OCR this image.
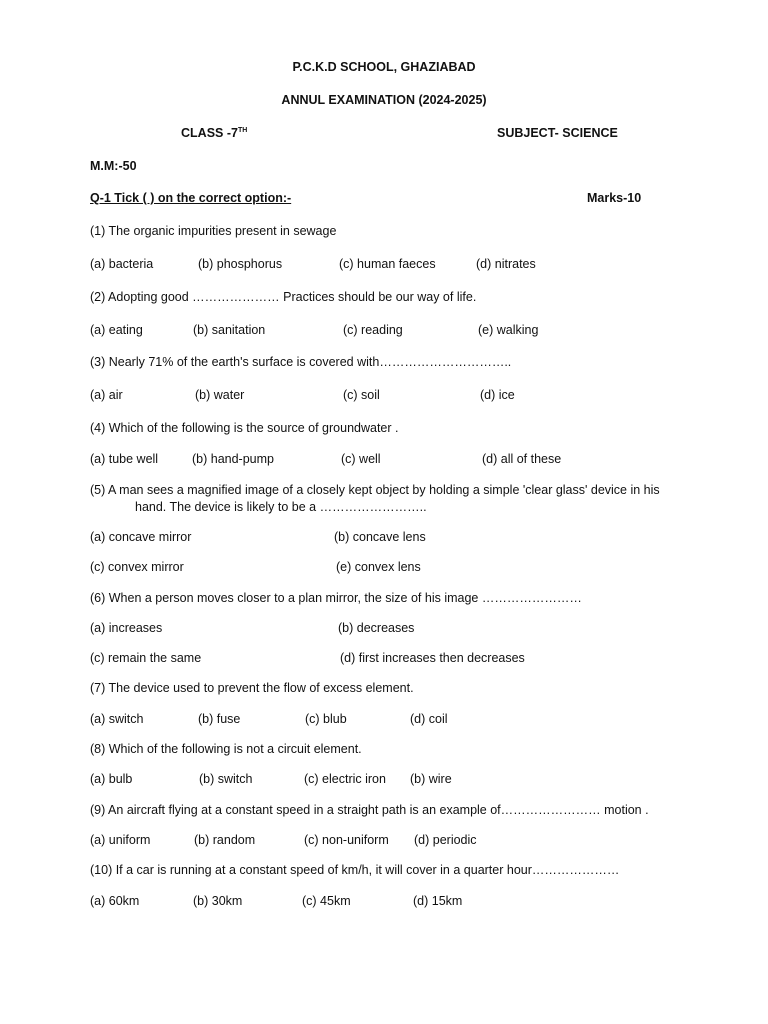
P.C.K.D SCHOOL, GHAZIABAD
ANNUL EXAMINATION (2024-2025)
CLASS -7TH	SUBJECT- SCIENCE
M.M:-50
Q-1 Tick ( ) on the correct option:-	Marks-10
(1) The organic impurities present in sewage
(a) bacteria	(b) phosphorus	(c) human faeces	(d) nitrates
(2) Adopting good ………………… Practices should be our way of life.
(a) eating	(b) sanitation	(c) reading	(e) walking
(3) Nearly 71% of the earth's surface is covered with…………………………..
(a) air	(b) water	(c) soil	(d) ice
(4) Which of the following is the source of groundwater .
(a) tube well	(b) hand-pump	(c) well	(d) all of these
(5) A man sees a magnified image of a closely kept object by holding a simple 'clear glass' device in his
hand. The device is likely to be a ……………………..
(a) concave mirror	(b) concave lens
(c) convex mirror	(e) convex lens
(6) When a person moves closer to a plan mirror, the size of his image ……………………
(a) increases	(b) decreases
(c) remain the same	(d) first increases then decreases
(7) The device used to prevent the flow of excess element.
(a) switch	(b) fuse	(c) blub	(d) coil
(8) Which of the following is not a circuit element.
(a) bulb	(b) switch	(c) electric iron (b) wire
(9) An aircraft flying at a constant speed in a straight path is an example of…………………… motion .
(a) uniform	(b) random	(c) non-uniform (d) periodic
(10) If a car is running at a constant speed of km/h, it will cover in a quarter hour…………………
(a) 60km	(b) 30km	(c) 45km	(d) 15km
